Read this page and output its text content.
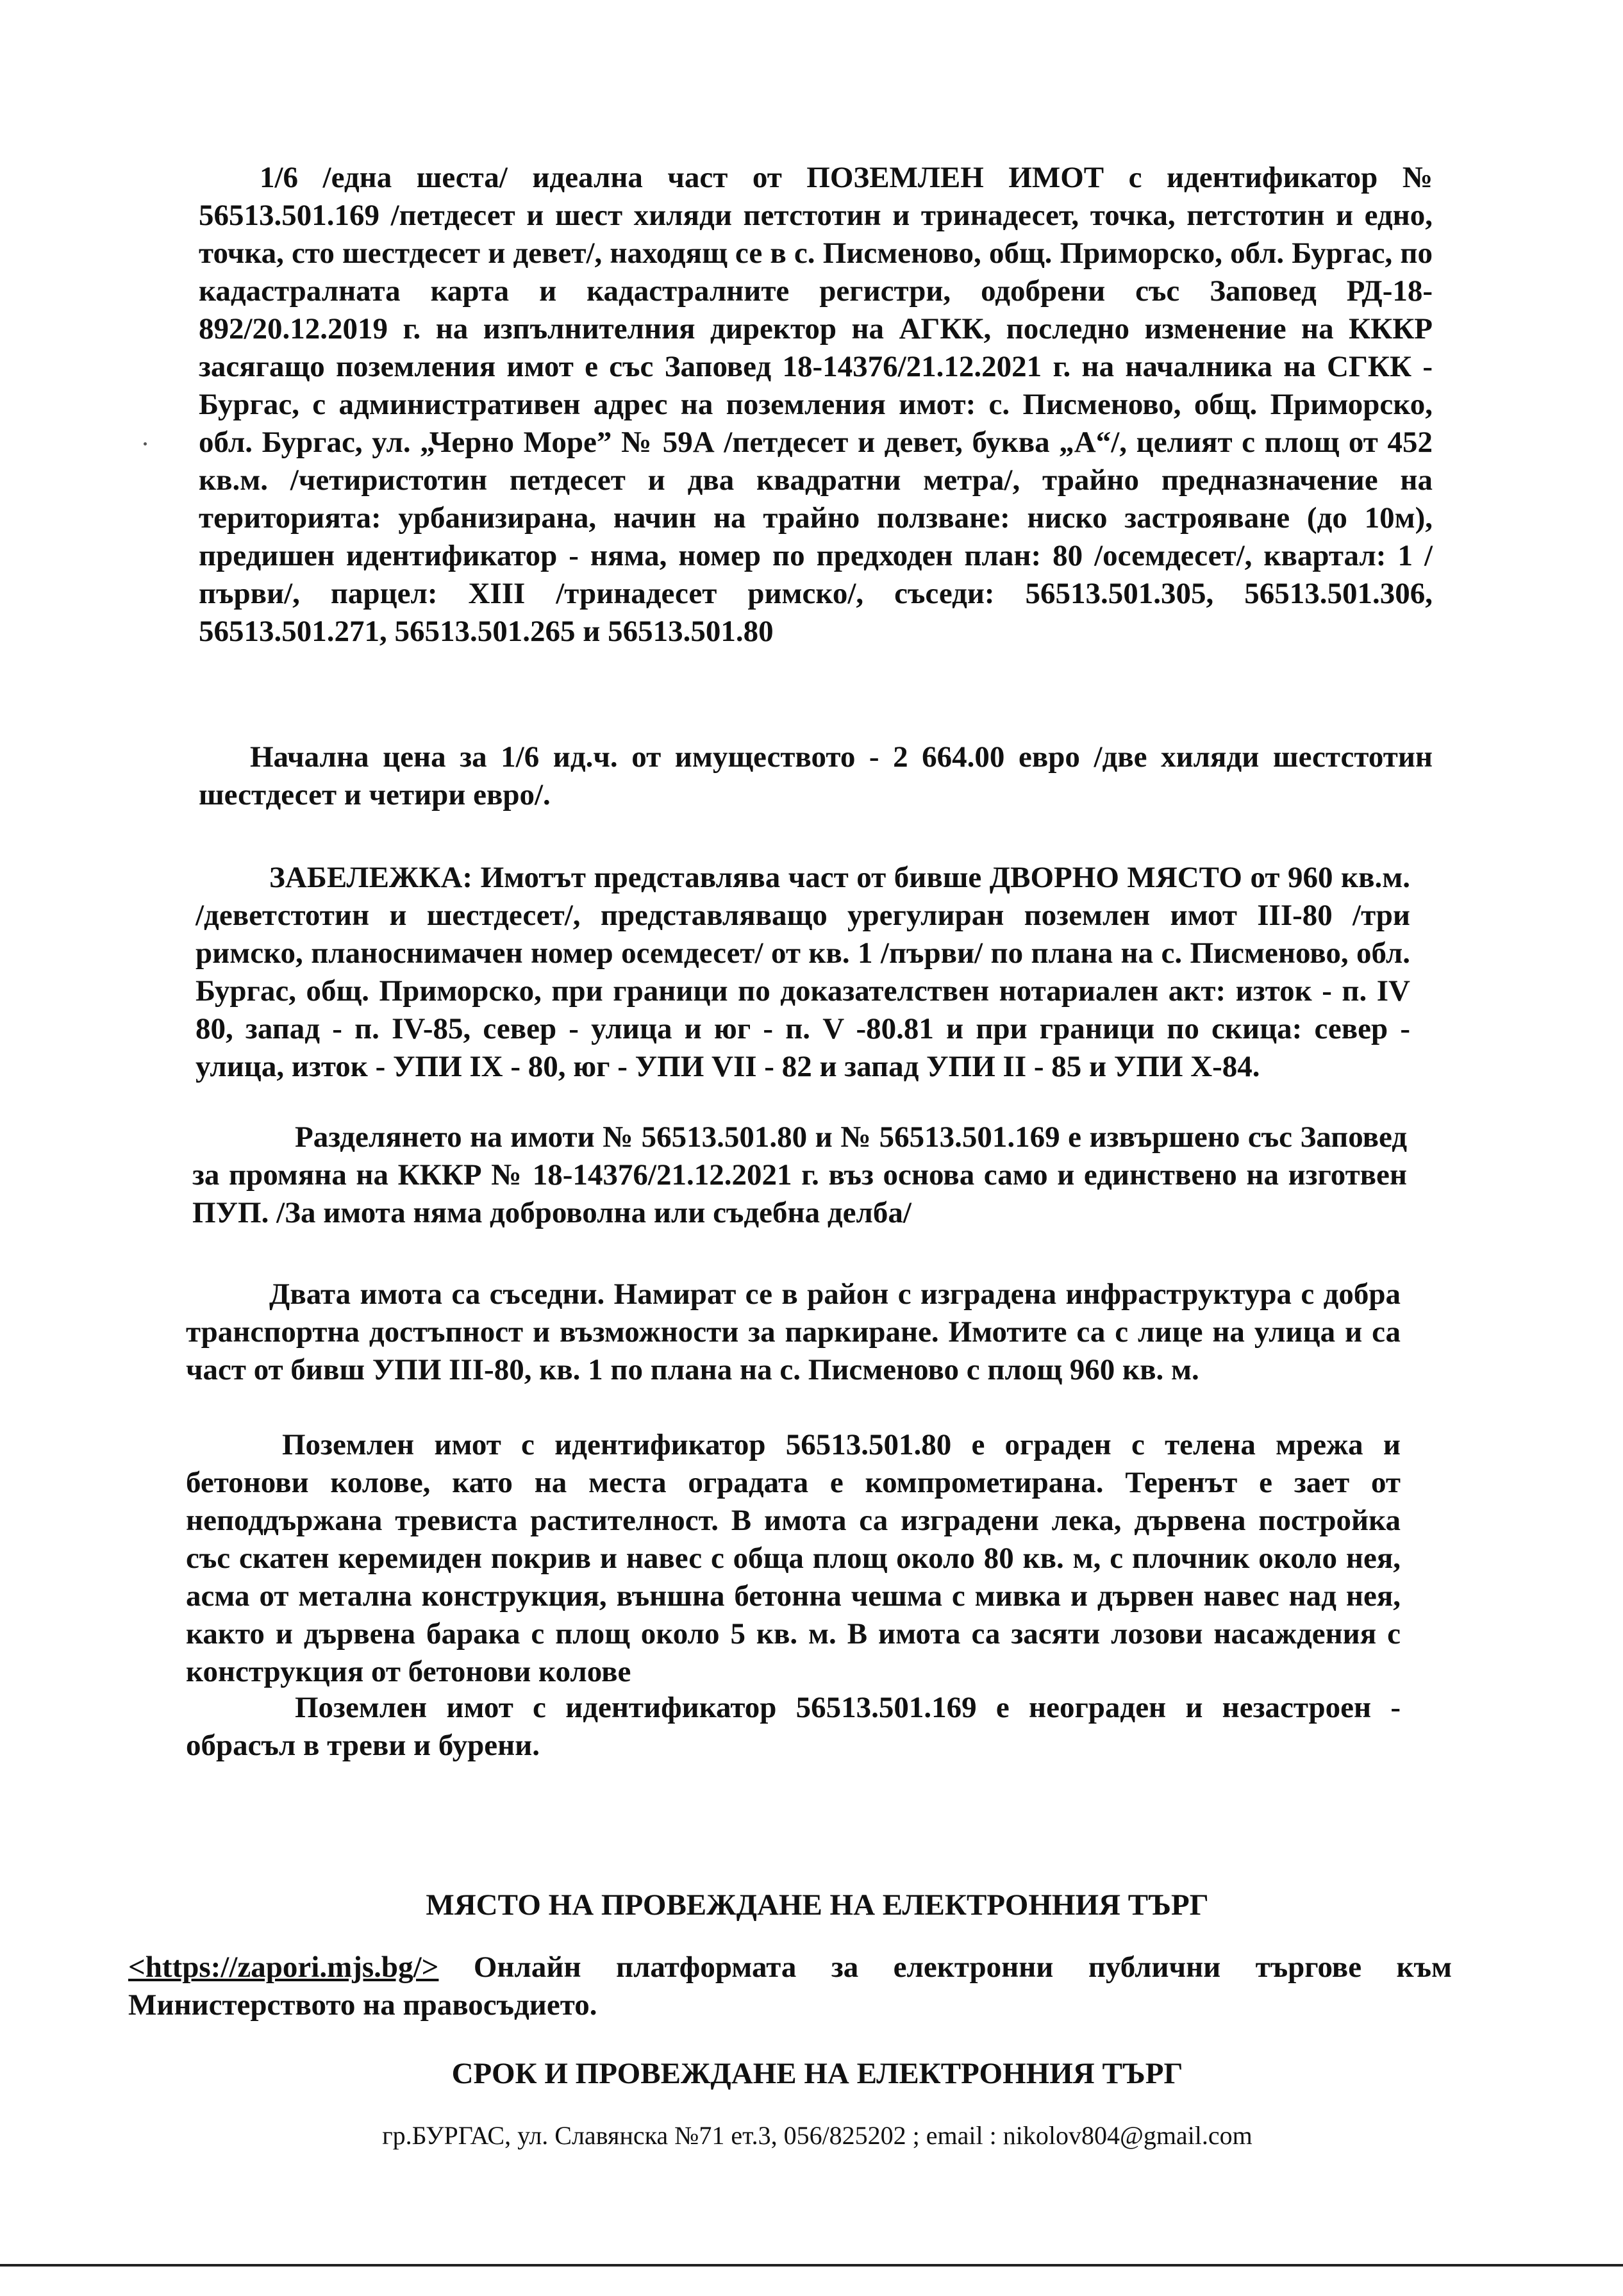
1/6 /една шеста/ идеална част от ПОЗЕМЛЕН ИМОТ с идентификатор № 56513.501.169 /петдесет и шест хиляди петстотин и тринадесет, точка, петстотин и едно, точка, сто шестдесет и девет/, находящ се в с. Писменово, общ. Приморско, обл. Бургас, по кадастралната карта и кадастралните регистри, одобрени със Заповед РД-18-892/20.12.2019 г. на изпълнителния директор на АГКК, последно изменение на КККР засягащо поземления имот е със Заповед 18-14376/21.12.2021 г. на началника на СГКК - Бургас, с административен адрес на поземления имот: с. Писменово, общ. Приморско, обл. Бургас, ул. „Черно Море” № 59А /петдесет и девет, буква „А“/, целият с площ от 452 кв.м. /четиристотин петдесет и два квадратни метра/, трайно предназначение на територията: урбанизирана, начин на трайно ползване: ниско застрояване (до 10м), предишен идентификатор - няма, номер по предходен план: 80 /осемдесет/, квартал: 1 /първи/, парцел: XIII /тринадесет римско/, съседи: 56513.501.305, 56513.501.306, 56513.501.271, 56513.501.265 и 56513.501.80

Начална цена за 1/6 ид.ч. от имуществото - 2 664.00 евро /две хиляди шестстотин шестдесет и четири евро/.

ЗАБЕЛЕЖКА: Имотът представлява част от бивше ДВОРНО МЯСТО от 960 кв.м. /деветстотин и шестдесет/, представляващо урегулиран поземлен имот III-80 /три римско, планоснимачен номер осемдесет/ от кв. 1 /първи/ по плана на с. Писменово, обл. Бургас, общ. Приморско, при граници по доказателствен нотариален акт: изток - п. IV 80, запад - п. IV-85, север - улица и юг - п. V -80.81 и при граници по скица: север - улица, изток - УПИ IX - 80, юг - УПИ VII - 82 и запад УПИ II - 85 и УПИ X-84.

Разделянето на имоти № 56513.501.80 и № 56513.501.169 е извършено със Заповед за промяна на КККР № 18-14376/21.12.2021 г. въз основа само и единствено на изготвен ПУП. /За имота няма доброволна или съдебна делба/

Двата имота са съседни. Намират се в район с изградена инфраструктура с добра транспортна достъпност и възможности за паркиране. Имотите са с лице на улица и са част от бивш УПИ III-80, кв. 1 по плана на с. Писменово с площ 960 кв. м.

Поземлен имот с идентификатор 56513.501.80 е ограден с телена мрежа и бетонови колове, като на места оградата е компрометирана. Теренът е зает от неподдържана тревиста растителност. В имота са изградени лека, дървена постройка със скатен керемиден покрив и навес с обща площ около 80 кв. м, с плочник около нея, асма от метална конструкция, външна бетонна чешма с мивка и дървен навес над нея, както и дървена барака с площ около 5 кв. м. В имота са засяти лозови насаждения с конструкция от бетонови колове

Поземлен имот с идентификатор 56513.501.169 е неограден и незастроен - обрасъл в треви и бурени.

МЯСТО НА ПРОВЕЖДАНЕ НА ЕЛЕКТРОННИЯ ТЪРГ

<https://zapori.mjs.bg/> Онлайн платформата за електронни публични търгове към Министерството на правосъдието.

СРОК И ПРОВЕЖДАНЕ НА ЕЛЕКТРОННИЯ ТЪРГ

гр.БУРГАС, ул. Славянска №71 ет.3, 056/825202 ; email : nikolov804@gmail.com
